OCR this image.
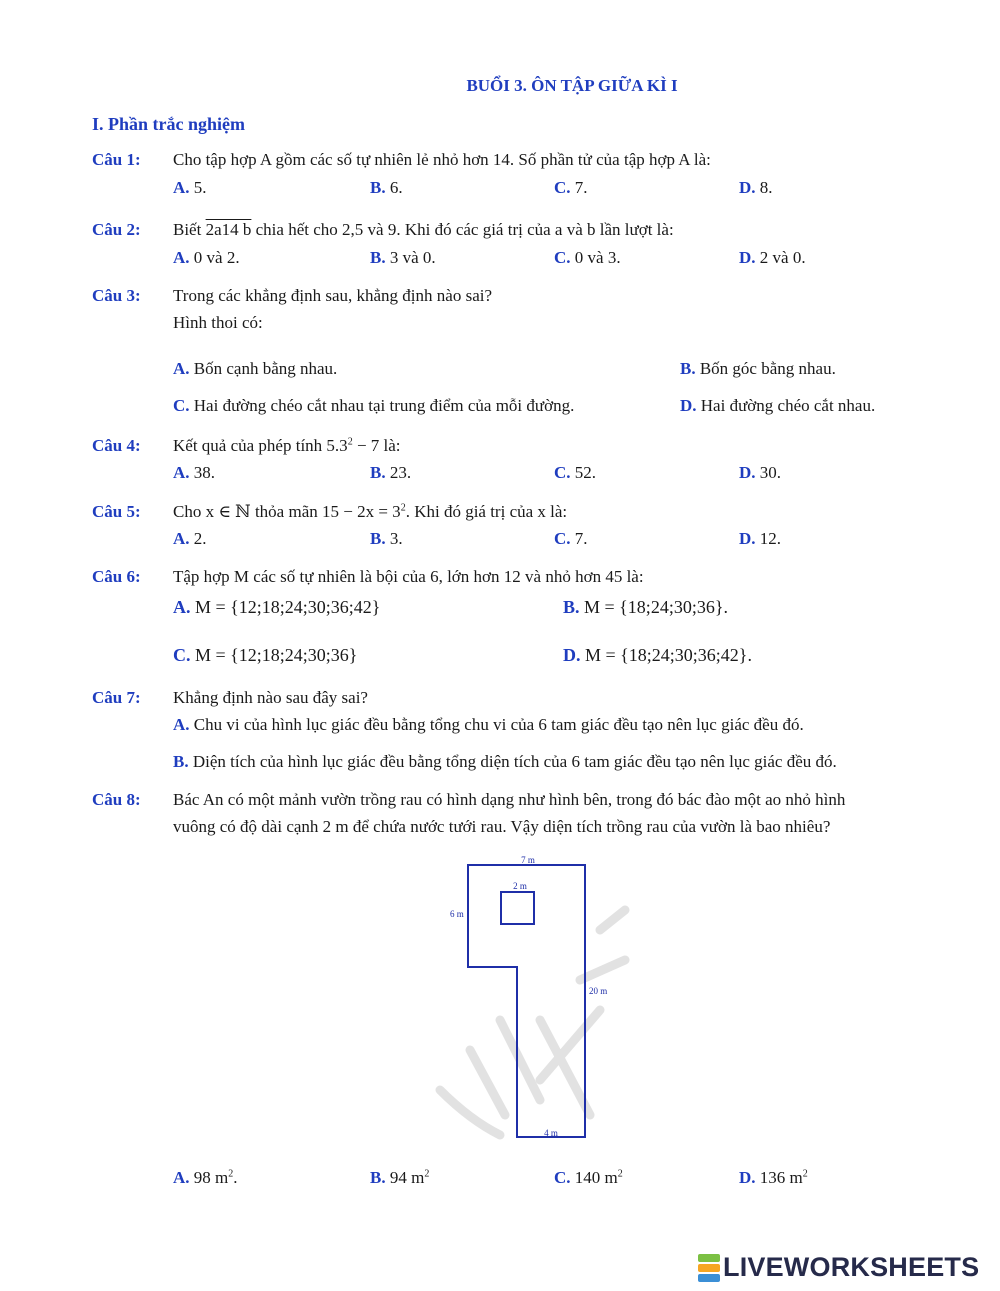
BUỔI 3. ÔN TẬP GIỮA KÌ I
I. Phần trắc nghiệm
Câu 1: Cho tập hợp A gồm các số tự nhiên lẻ nhỏ hơn 14. Số phần tử của tập hợp A là:
A. 5.	B. 6.	C. 7.	D. 8.
Câu 2: Biết 2a14 b chia hết cho 2,5 và 9. Khi đó các giá trị của a và b lần lượt là:
A. 0 và 2.	B. 3 và 0.	C. 0 và 3.	D. 2 và 0.
Câu 3: Trong các khẳng định sau, khẳng định nào sai?
Hình thoi có:
A. Bốn cạnh bằng nhau.	B. Bốn góc bằng nhau.
C. Hai đường chéo cắt nhau tại trung điểm của mỗi đường.	D. Hai đường chéo cắt nhau.
Câu 4: Kết quả của phép tính $5.3^2 - 7$ là:
A. 38.	B. 23.	C. 52.	D. 30.
Câu 5: Cho x ∈ ℕ thỏa mãn $15 - 2x = 3^2$. Khi đó giá trị của x là:
A. 2.	B. 3.	C. 7.	D. 12.
Câu 6: Tập hợp M các số tự nhiên là bội của 6, lớn hơn 12 và nhỏ hơn 45 là:
A. M = {12;18;24;30;36;42}	B. M = {18;24;30;36}.
C. M = {12;18;24;30;36}	D. M = {18;24;30;36;42}.
Câu 7: Khẳng định nào sau đây sai?
A. Chu vi của hình lục giác đều bằng tổng chu vi của 6 tam giác đều tạo nên lục giác đều đó.
B. Diện tích của hình lục giác đều bằng tổng diện tích của 6 tam giác đều tạo nên lục giác đều đó.
Câu 8: Bác An có một mảnh vườn trồng rau có hình dạng như hình bên, trong đó bác đào một ao nhỏ hình
vuông có độ dài cạnh 2 m để chứa nước tưới rau. Vậy diện tích trồng rau của vườn là bao nhiêu?
7 m
2 m
6 m
20 m
4 m
A. 98 $m^2$.	B. 94 $m^2$	C. 140 $m^2$	D. 136 $m^2$
LIVEWORKSHEETS
